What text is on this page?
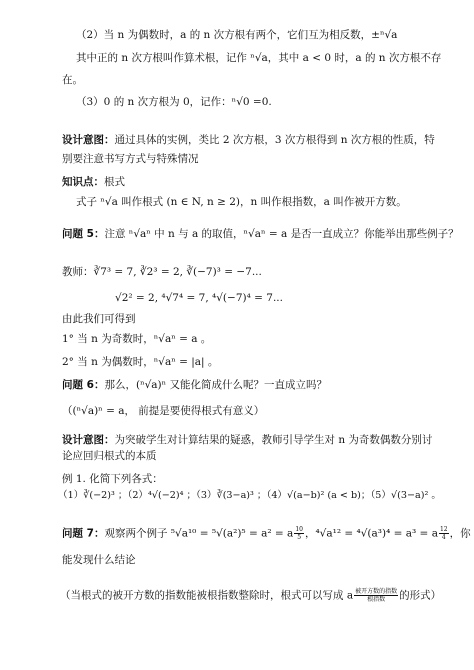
（2）当 n 为偶数时，a 的 n 次方根有两个，它们互为相反数，±ⁿ√a
其中正的 n 次方根叫作算术根，记作 ⁿ√a，其中 a < 0 时，a 的 n 次方根不存
在。
（3）0 的 n 次方根为 0，记作：ⁿ√0 =0.
设计意图：通过具体的实例，类比 2 次方根，3 次方根得到 n 次方根的性质，特
别要注意书写方式与特殊情况
知识点：根式
式子 ⁿ√a 叫作根式 (n ∈ N, n ≥ 2)，n 叫作根指数，a 叫作被开方数。
问题 5：注意 ⁿ√aⁿ 中 n 与 a 的取值，ⁿ√aⁿ = a 是否一直成立？你能举出那些例子？
教师：∛7³ = 7, ∛2³ = 2, ∛(−7)³ = −7...
√2² = 2, ⁴√7⁴ = 7, ⁴√(−7)⁴ = 7...
由此我们可得到
1° 当 n 为奇数时，ⁿ√aⁿ = a 。
2° 当 n 为偶数时，ⁿ√aⁿ = |a| 。
问题 6：那么，(ⁿ√a)ⁿ 又能化简成什么呢？一直成立吗？
（(ⁿ√a)ⁿ = a， 前提是要使得根式有意义）
设计意图：为突破学生对计算结果的疑惑，教师引导学生对 n 为奇数偶数分别讨
论应回归根式的本质
例 1. 化简下列各式：
（1）∛(−2)³ ；（2）⁴√(−2)⁴ ；（3）∛(3−a)³ ；（4）√(a−b)² (a < b)；（5）√(3−a)² 。
问题 7：观察两个例子 ⁵√a¹⁰ = ⁵√(a²)⁵ = a² = a $\frac{10}{5}$ ，⁴√a¹² = ⁴√(a³)⁴ = a³ = a $\frac{12}{4}$ ，你
能发现什么结论
（当根式的被开方数的指数能被根指数整除时，根式可以写成 a $\frac{\text{被开方数的指数}}{\text{根指数}}$ 的形式）
